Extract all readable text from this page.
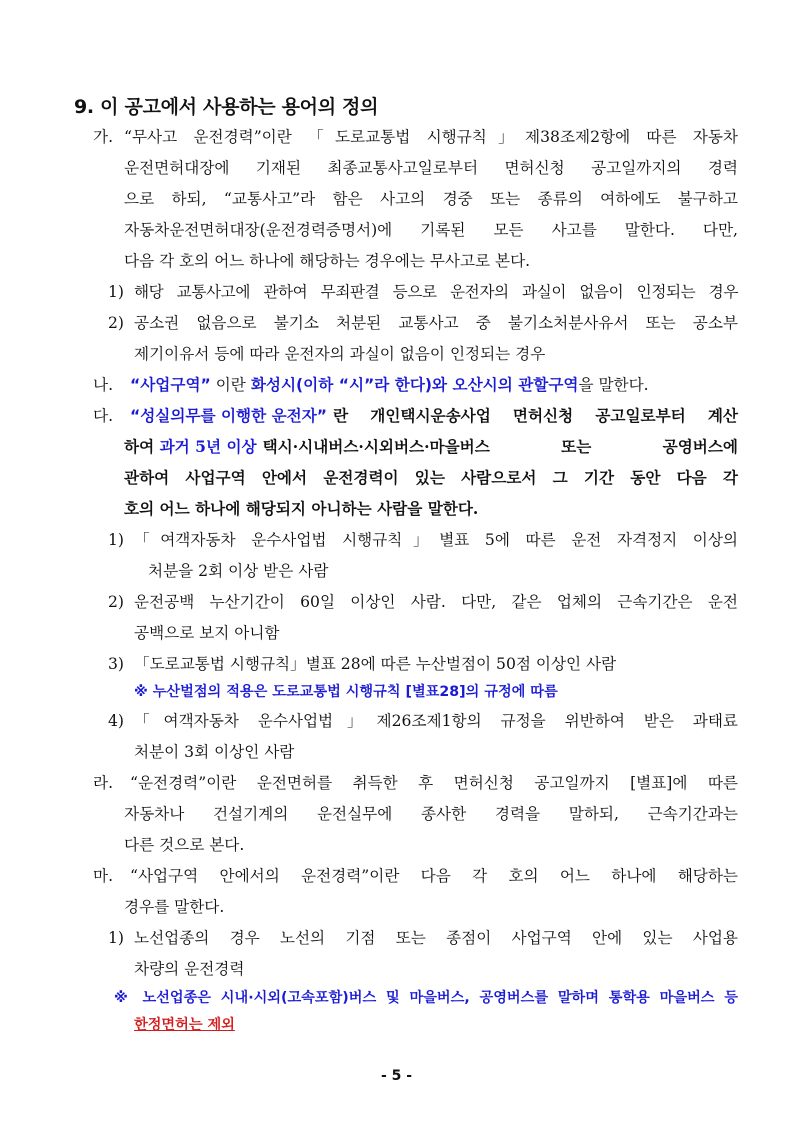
9. 이 공고에서 사용하는 용어의 정의
가. “무사고 운전경력”이란 「도로교통법 시행규칙」제38조제2항에 따른 자동차
운전면허대장에 기재된 최종교통사고일로부터 면허신청 공고일까지의 경력
으로 하되, “교통사고”라 함은 사고의 경중 또는 종류의 여하에도 불구하고
자동차운전면허대장(운전경력증명서)에 기록된 모든 사고를 말한다. 다만,
다음 각 호의 어느 하나에 해당하는 경우에는 무사고로 본다.
1) 해당 교통사고에 관하여 무죄판결 등으로 운전자의 과실이 없음이 인정되는 경우
2) 공소권 없음으로 불기소 처분된 교통사고 중 불기소처분사유서 또는 공소부
제기이유서 등에 따라 운전자의 과실이 없음이 인정되는 경우
나. “사업구역” 이란 화성시(이하 “시”라 한다)와 오산시의 관할구역을 말한다.
다. “성실의무를 이행한 운전자” 란 개인택시운송사업 면허신청 공고일로부터 계산
하여
과거 5년 이상 택시·시내버스·시외버스·마을버스 또는 공영버스에
관하여 사업구역 안에서 운전경력이 있는 사람으로서 그 기간 동안 다음 각
호의 어느 하나에 해당되지 아니하는 사람을 말한다.
1) 「여객자동차 운수사업법 시행규칙」별표 5에 따른 운전 자격정지 이상의
처분을 2회 이상 받은 사람
2) 운전공백 누산기간이 60일 이상인 사람. 다만, 같은 업체의 근속기간은 운전
공백으로 보지 아니함
3) 「도로교통법 시행규칙」별표 28에 따른 누산벌점이 50점 이상인 사람
※ 누산벌점의 적용은 도로교통법 시행규칙 [별표28]의 규정에 따름
4) 「여객자동차 운수사업법」제26조제1항의 규정을 위반하여 받은 과태료
처분이 3회 이상인 사람
라. “운전경력”이란 운전면허를 취득한 후 면허신청 공고일까지 [별표]에 따른
자동차나 건설기계의 운전실무에 종사한 경력을 말하되, 근속기간과는
다른 것으로 본다.
마. “사업구역 안에서의 운전경력”이란 다음 각 호의 어느 하나에 해당하는
경우를 말한다.
1) 노선업종의 경우 노선의 기점 또는 종점이 사업구역 안에 있는 사업용
차량의 운전경력
※ 노선업종은 시내·시외(고속포함)버스 및 마을버스, 공영버스를 말하며 통학용 마을버스 등
한정면허는 제외
- 5 -
